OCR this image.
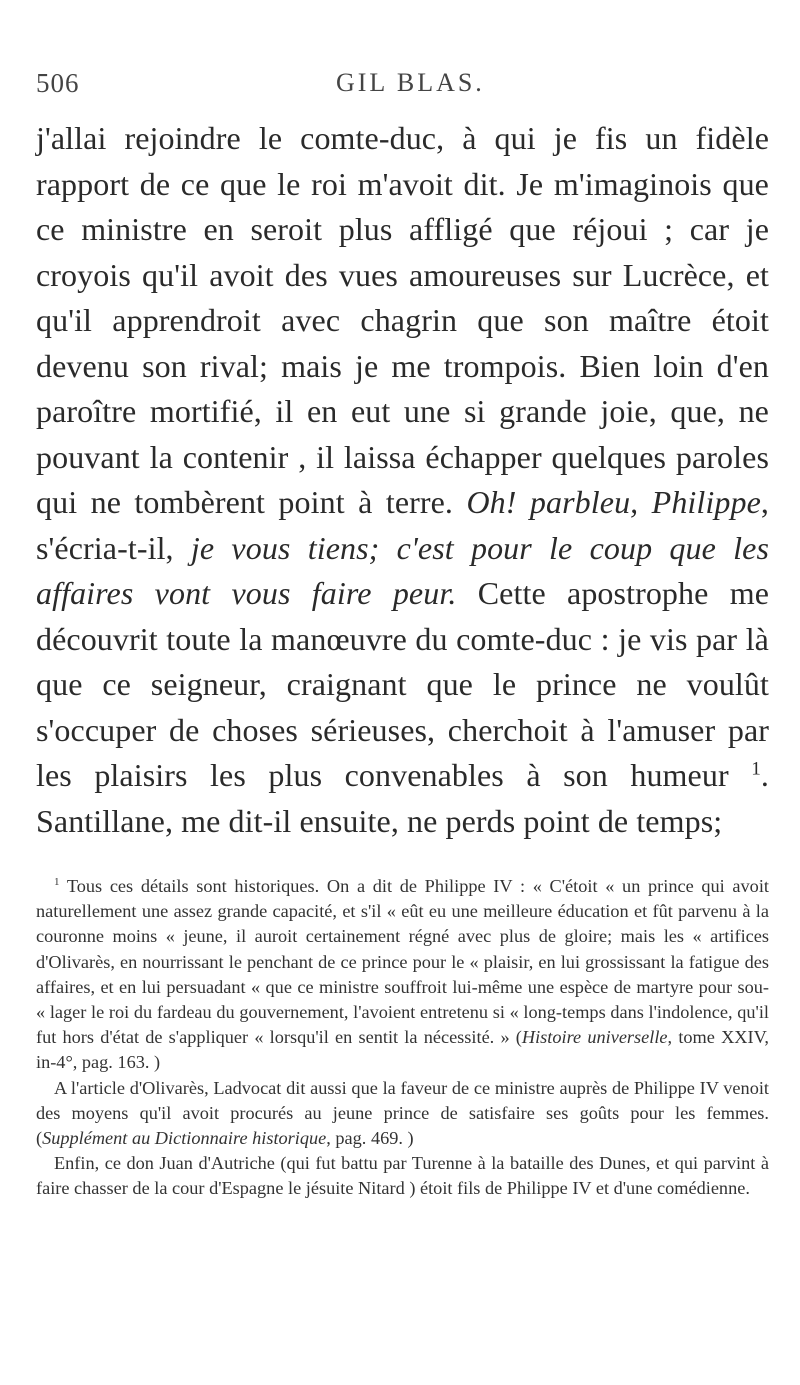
506	GIL BLAS.

j'allai rejoindre le comte-duc, à qui je fis un fidèle rapport de ce que le roi m'avoit dit. Je m'imaginois que ce ministre en seroit plus affligé que réjoui ; car je croyois qu'il avoit des vues amoureuses sur Lucrèce, et qu'il apprendroit avec chagrin que son maître étoit devenu son rival; mais je me trompois. Bien loin d'en paroître mortifié, il en eut une si grande joie, que, ne pouvant la contenir , il laissa échapper quelques paroles qui ne tombèrent point à terre. Oh! parbleu, Philippe, s'écria-t-il, je vous tiens; c'est pour le coup que les affaires vont vous faire peur. Cette apostrophe me découvrit toute la manœuvre du comte-duc : je vis par là que ce seigneur, craignant que le prince ne voulût s'occuper de choses sérieuses, cherchoit à l'amuser par les plaisirs les plus convenables à son humeur $^1$. Santillane, me dit-il ensuite, ne perds point de temps;

$^1$ Tous ces détails sont historiques. On a dit de Philippe IV : « C'étoit « un prince qui avoit naturellement une assez grande capacité, et s'il « eût eu une meilleure éducation et fût parvenu à la couronne moins « jeune, il auroit certainement régné avec plus de gloire; mais les « artifices d'Olivarès, en nourrissant le penchant de ce prince pour le « plaisir, en lui grossissant la fatigue des affaires, et en lui persuadant « que ce ministre souffroit lui-même une espèce de martyre pour sou- « lager le roi du fardeau du gouvernement, l'avoient entretenu si « long-temps dans l'indolence, qu'il fut hors d'état de s'appliquer « lorsqu'il en sentit la nécessité. » (Histoire universelle, tome XXIV, in-4°, pag. 163. )

A l'article d'Olivarès, Ladvocat dit aussi que la faveur de ce ministre auprès de Philippe IV venoit des moyens qu'il avoit procurés au jeune prince de satisfaire ses goûts pour les femmes. (Supplément au Dictionnaire historique, pag. 469. )

Enfin, ce don Juan d'Autriche (qui fut battu par Turenne à la bataille des Dunes, et qui parvint à faire chasser de la cour d'Espagne le jésuite Nitard ) étoit fils de Philippe IV et d'une comédienne.
